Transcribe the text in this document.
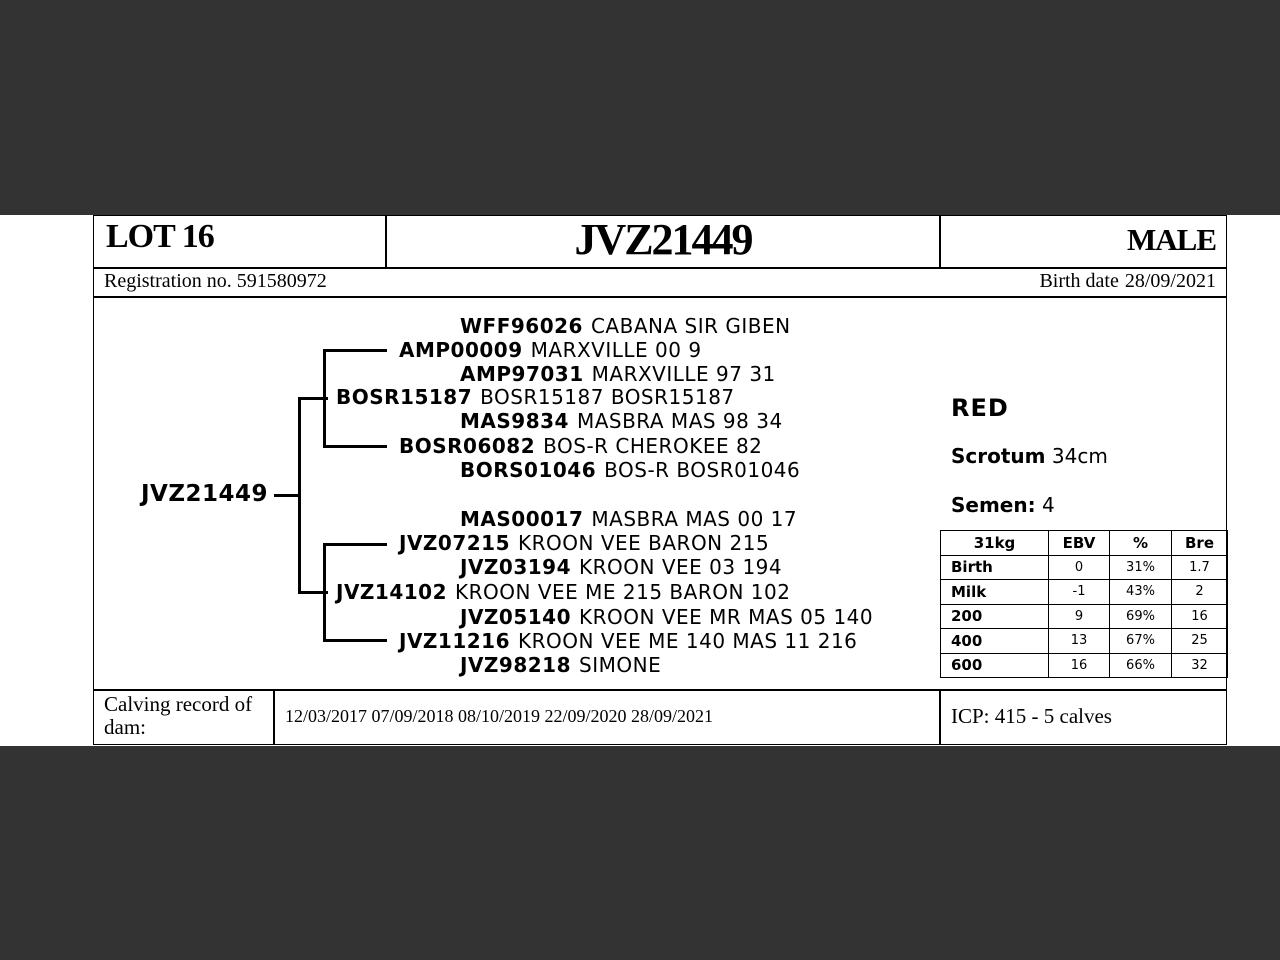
LOT 16	JVZ21449	MALE
Registration no. 591580972	Birth date 28/09/2021
JVZ21449
WFF96026 CABANA SIR GIBEN
AMP00009 MARXVILLE 00 9
AMP97031 MARXVILLE 97 31
BOSR15187 BOSR15187 BOSR15187
MAS9834 MASBRA MAS 98 34
BOSR06082 BOS-R CHEROKEE 82
BORS01046 BOS-R BOSR01046
MAS00017 MASBRA MAS 00 17
JVZ07215 KROON VEE BARON 215
JVZ03194 KROON VEE 03 194
JVZ14102 KROON VEE ME 215 BARON 102
JVZ05140 KROON VEE MR MAS 05 140
JVZ11216 KROON VEE ME 140 MAS 11 216
JVZ98218 SIMONE
RED
Scrotum 34cm
Semen: 4
31kg	EBV	%	Bre
Birth	0	31%	1.7
Milk	-1	43%	2
200	9	69%	16
400	13	67%	25
600	16	66%	32
Calving record of dam:	12/03/2017 07/09/2018 08/10/2019 22/09/2020 28/09/2021	ICP: 415 - 5 calves
